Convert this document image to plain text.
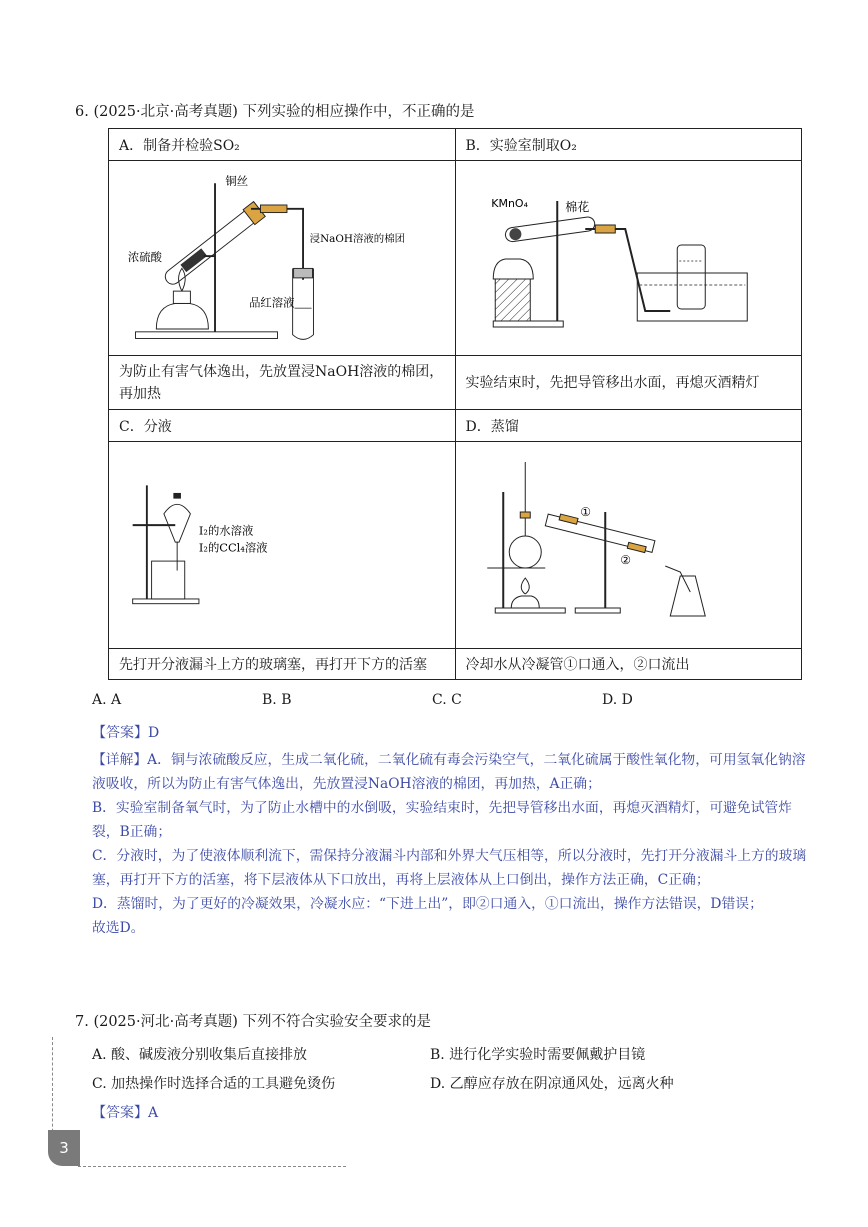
6. (2025·北京·高考真题) 下列实验的相应操作中，不正确的是
A．制备并检验SO₂	B．实验室制取O₂

铜丝
浓硫酸
浸NaOH溶液的棉团
品红溶液	KMnO₄ 棉花

为防止有害气体逸出，先放置浸NaOH溶液的棉团，再加热	实验结束时，先把导管移出水面，再熄灭酒精灯
C．分液	D．蒸馏

I₂的水溶液
I₂的CCl₄溶液	①
②

先打开分液漏斗上方的玻璃塞，再打开下方的活塞	冷却水从冷凝管①口通入，②口流出
A. A	B. B	C. C	D. D
【答案】D

【详解】A．铜与浓硫酸反应，生成二氧化硫，二氧化硫有毒会污染空气，二氧化硫属于酸性氧化物，可用氢氧化钠溶液吸收，所以为防止有害气体逸出，先放置浸NaOH溶液的棉团，再加热，A正确；

B．实验室制备氧气时，为了防止水槽中的水倒吸，实验结束时，先把导管移出水面，再熄灭酒精灯，可避免试管炸裂，B正确；

C．分液时，为了使液体顺利流下，需保持分液漏斗内部和外界大气压相等，所以分液时，先打开分液漏斗上方的玻璃塞，再打开下方的活塞，将下层液体从下口放出，再将上层液体从上口倒出，操作方法正确，C正确；

D．蒸馏时，为了更好的冷凝效果，冷凝水应：“下进上出”，即②口通入，①口流出，操作方法错误，D错误；

故选D。

7. (2025·河北·高考真题) 下列不符合实验安全要求的是
A. 酸、碱废液分别收集后直接排放	B. 进行化学实验时需要佩戴护目镜
C. 加热操作时选择合适的工具避免烫伤	D. 乙醇应存放在阴凉通风处，远离火种
【答案】A
3
